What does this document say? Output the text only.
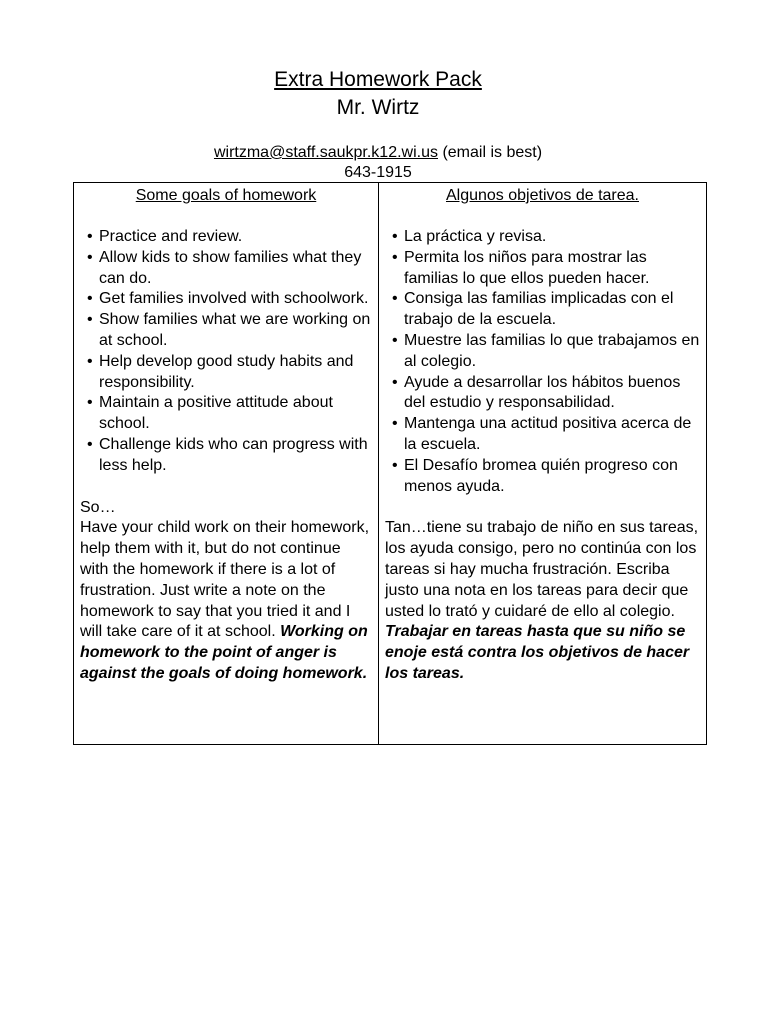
Extra Homework Pack

Mr. Wirtz

wirtzma@staff.saukpr.k12.wi.us (email is best)
643-1915

Some goals of homework

• Practice and review.
• Allow kids to show families what they can do.
• Get families involved with schoolwork.
• Show families what we are working on at school.
• Help develop good study habits and responsibility.
• Maintain a positive attitude about school.
• Challenge kids who can progress with less help.

So…

Have your child work on their homework, help them with it, but do not continue with the homework if there is a lot of frustration. Just write a note on the homework to say that you tried it and I will take care of it at school. Working on homework to the point of anger is against the goals of doing homework.

Algunos objetivos de tarea.

• La práctica y revisa.
• Permita los niños para mostrar las familias lo que ellos pueden hacer.
• Consiga las familias implicadas con el trabajo de la escuela.
• Muestre las familias lo que trabajamos en al colegio.
• Ayude a desarrollar los hábitos buenos del estudio y responsabilidad.
• Mantenga una actitud positiva acerca de la escuela.
• El Desafío bromea quién progreso con menos ayuda.

Tan…tiene su trabajo de niño en sus tareas, los ayuda consigo, pero no continúa con los tareas si hay mucha frustración. Escriba justo una nota en los tareas para decir que usted lo trató y cuidaré de ello al colegio. Trabajar en tareas hasta que su niño se enoje está contra los objetivos de hacer los tareas.
